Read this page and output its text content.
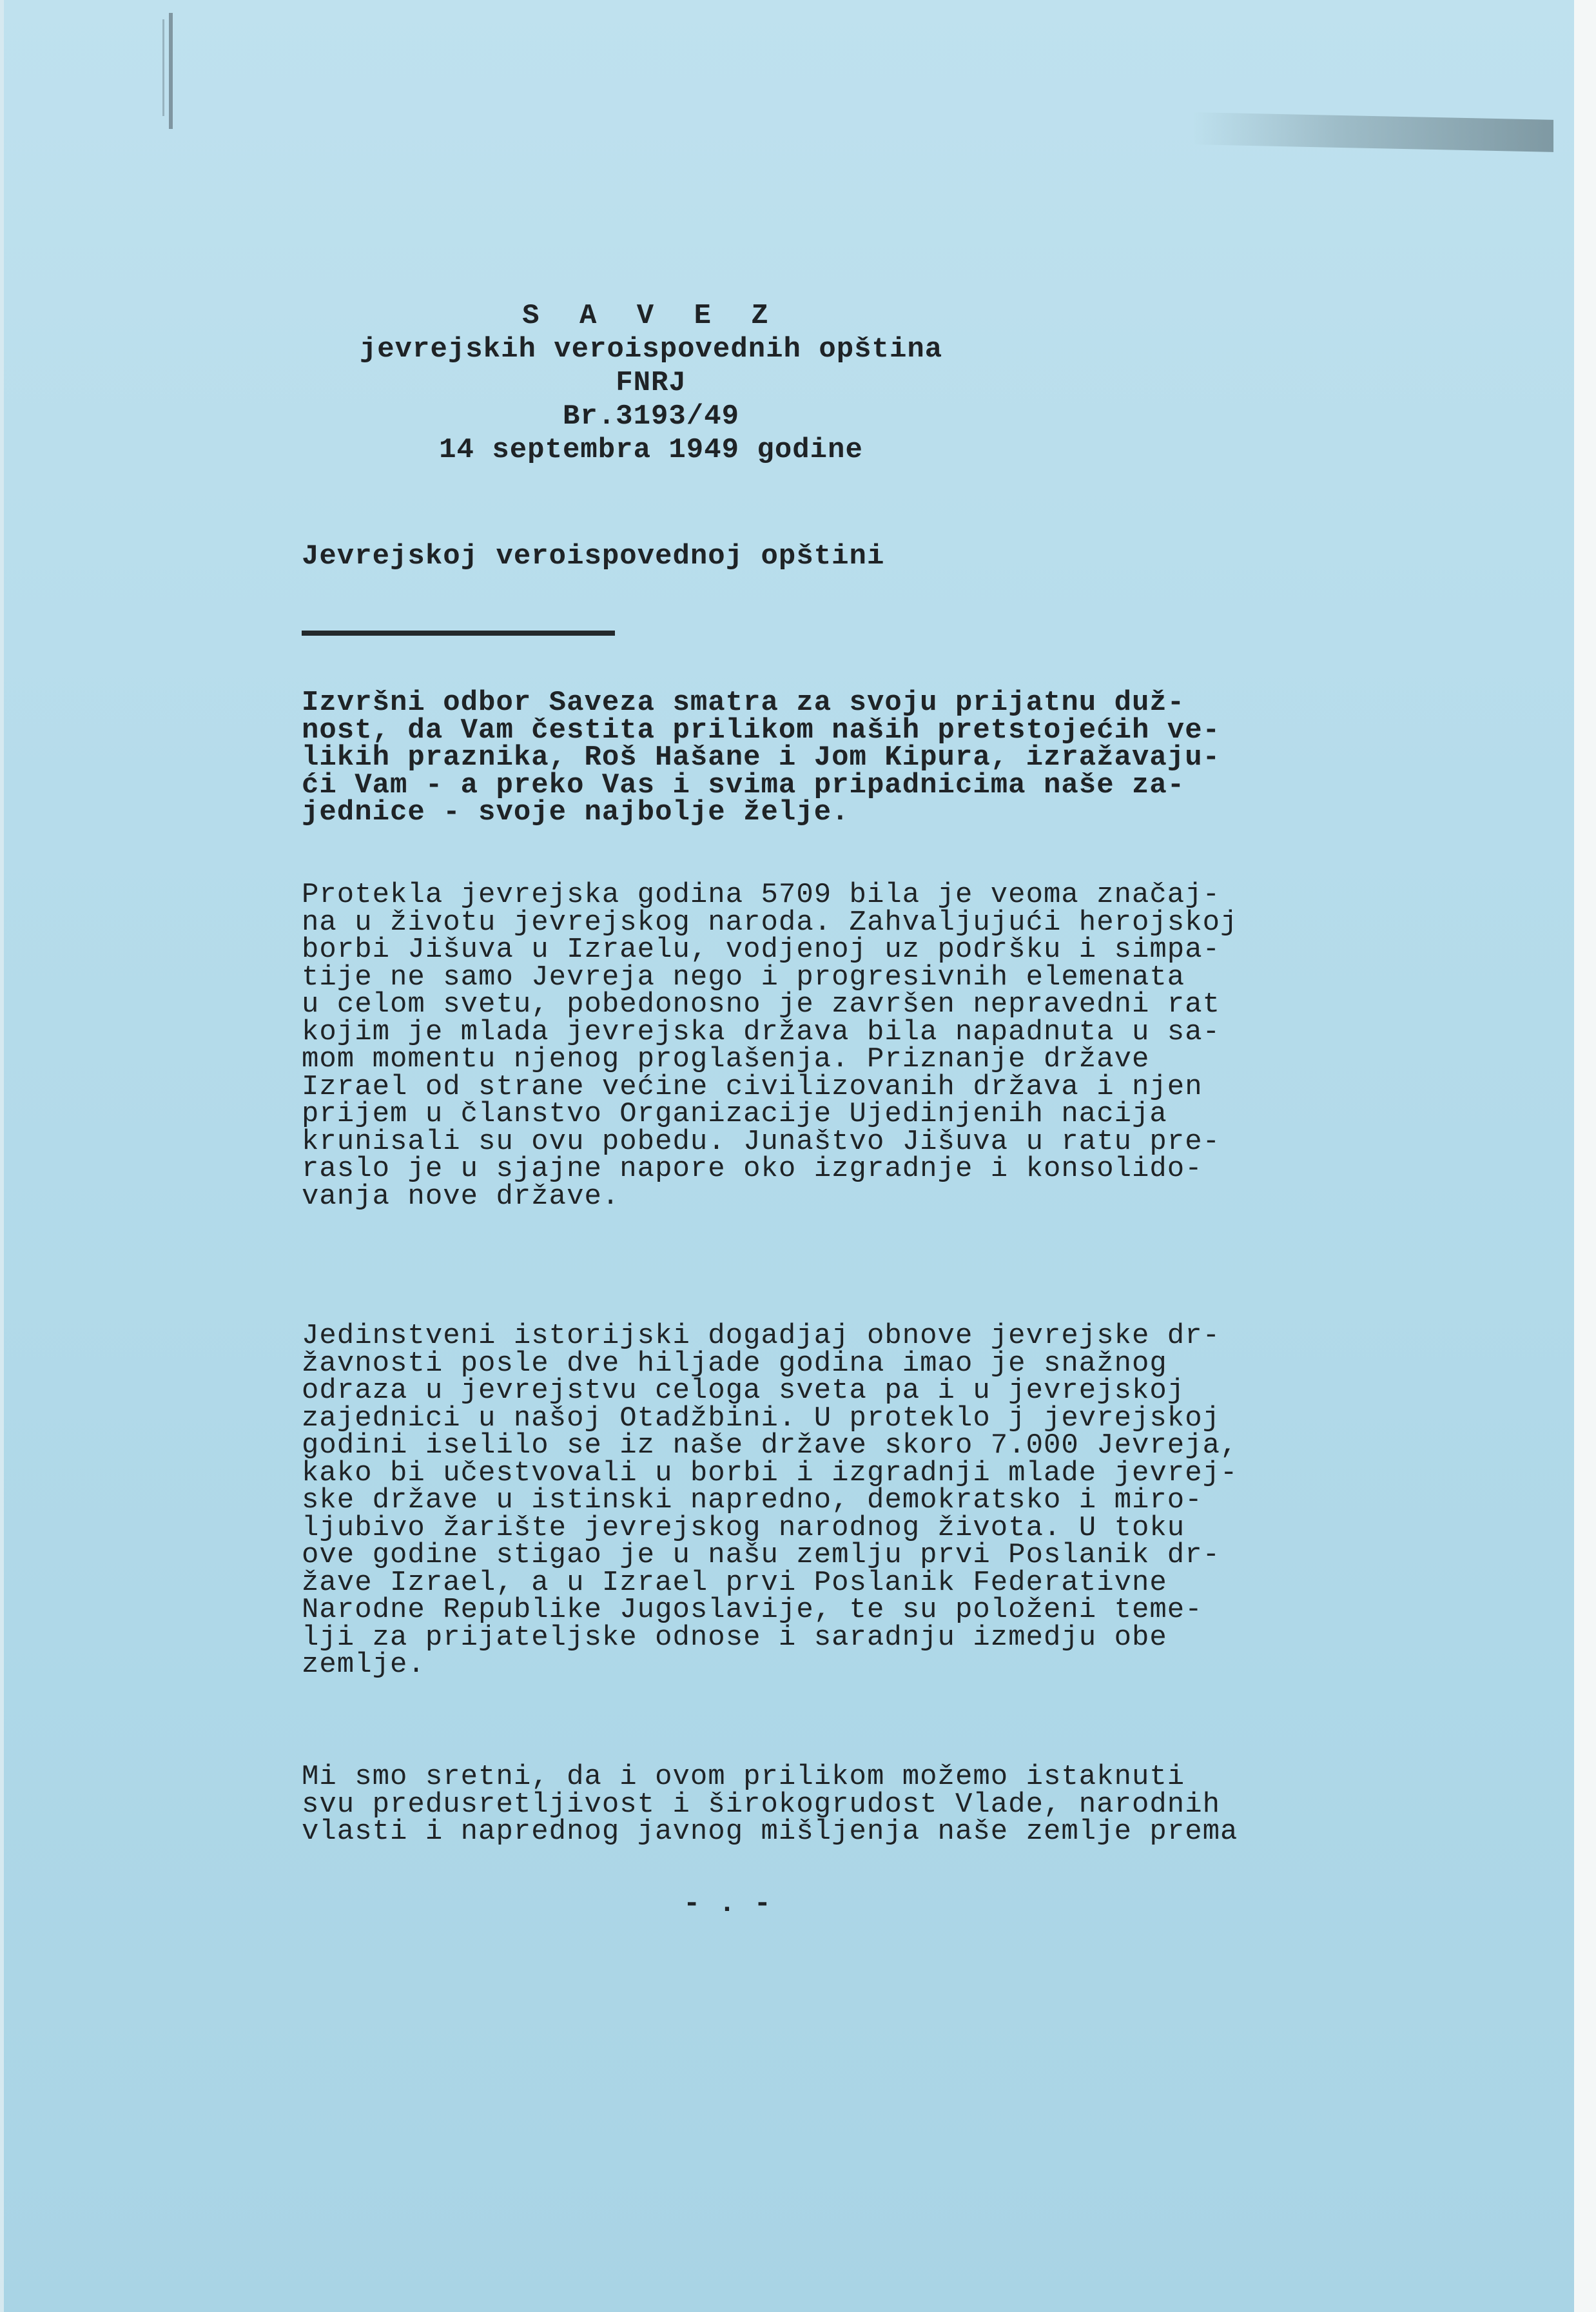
S A V E Z
jevrejskih veroispovednih opština
FNRJ
Br.3193/49
14 septembra 1949 godine
Jevrejskoj veroispovednoj opštini
Izvršni odbor Saveza smatra za svoju prijatnu duž-
nost, da Vam čestita prilikom naših pretstojećih ve-
likih praznika, Roš Hašane i Jom Kipura, izražavaju-
ći Vam - a preko Vas i svima pripadnicima naše za-
jednice - svoje najbolje želje.
Protekla jevrejska godina 5709 bila je veoma značaj-
na u životu jevrejskog naroda. Zahvaljujući herojskoj
borbi Jišuva u Izraelu, vodjenoj uz podršku i simpa-
tije ne samo Jevreja nego i progresivnih elemenata
u celom svetu, pobedonosno je završen nepravedni rat
kojim je mlada jevrejska država bila napadnuta u sa-
mom momentu njenog proglašenja. Priznanje države
Izrael od strane većine civilizovanih država i njen
prijem u članstvo Organizacije Ujedinjenih nacija
krunisali su ovu pobedu. Junaštvo Jišuva u ratu pre-
raslo je u sjajne napore oko izgradnje i konsolido-
vanja nove države.
Jedinstveni istorijski dogadjaj obnove jevrejske dr-
žavnosti posle dve hiljade godina imao je snažnog
odraza u jevrejstvu celoga sveta pa i u jevrejskoj
zajednici u našoj Otadžbini. U proteklo j jevrejskoj
godini iselilo se iz naše države skoro 7.000 Jevreja,
kako bi učestvovali u borbi i izgradnji mlade jevrej-
ske države u istinski napredno, demokratsko i miro-
ljubivo žarište jevrejskog narodnog života. U toku
ove godine stigao je u našu zemlju prvi Poslanik dr-
žave Izrael, a u Izrael prvi Poslanik Federativne
Narodne Republike Jugoslavije, te su položeni teme-
lji za prijateljske odnose i saradnju izmedju obe
zemlje.
Mi smo sretni, da i ovom prilikom možemo istaknuti
svu predusretljivost i širokogrudost Vlade, narodnih
vlasti i naprednog javnog mišljenja naše zemlje prema
- . -
